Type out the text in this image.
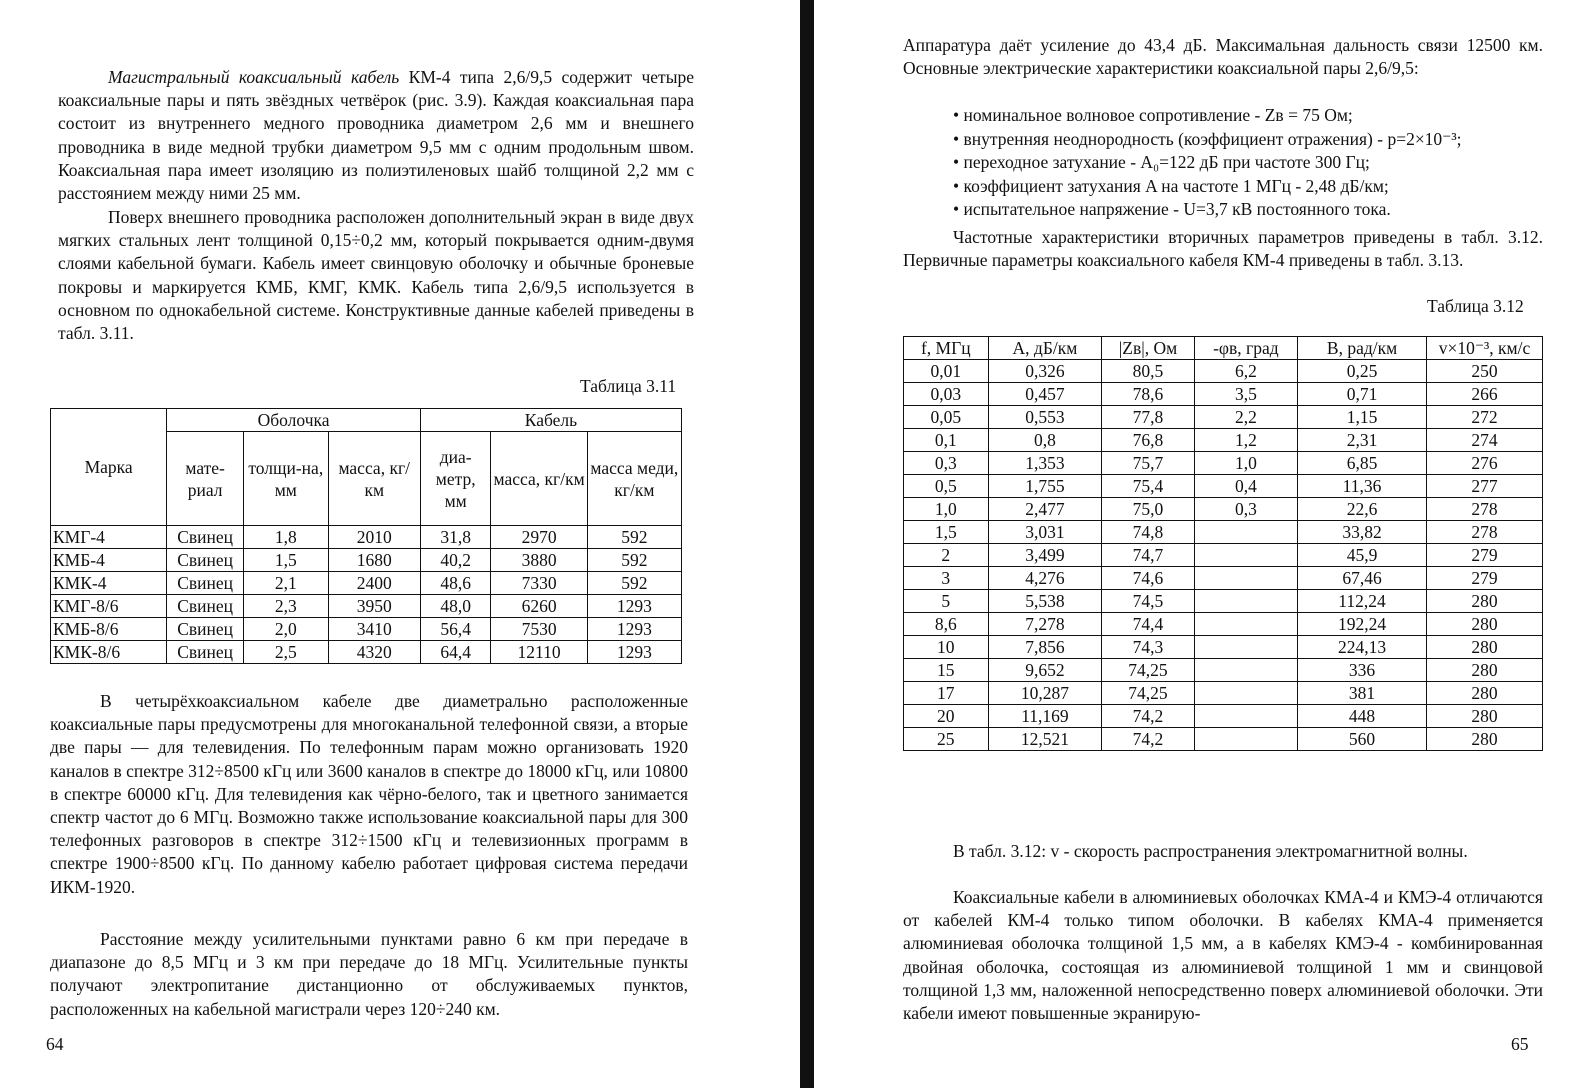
Магистральный коаксиальный кабель КМ-4 типа 2,6/9,5 содержит четыре коаксиальные пары и пять звёздных четвёрок (рис. 3.9). Каждая коаксиальная пара состоит из внутреннего медного проводника диаметром 2,6 мм и внешнего проводника в виде медной трубки диаметром 9,5 мм с одним продольным швом. Коаксиальная пара имеет изоляцию из полиэтиленовых шайб толщиной 2,2 мм с расстоянием между ними 25 мм.

Поверх внешнего проводника расположен дополнительный экран в виде двух мягких стальных лент толщиной 0,15÷0,2 мм, который покрывается одним-двумя слоями кабельной бумаги. Кабель имеет свинцовую оболочку и обычные броневые покровы и маркируется КМБ, КМГ, КМК. Кабель типа 2,6/9,5 используется в основном по однокабельной системе. Конструктивные данные кабелей приведены в табл. 3.11.

Таблица 3.11
Марка	Оболочка			Кабель		
	мате-риал	толщи-на, мм	масса, кг/км	диа-метр, мм	масса, кг/км	масса меди, кг/км
КМГ-4	Свинец	1,8	2010	31,8	2970	592
КМБ-4	Свинец	1,5	1680	40,2	3880	592
КМК-4	Свинец	2,1	2400	48,6	7330	592
КМГ-8/6	Свинец	2,3	3950	48,0	6260	1293
КМБ-8/6	Свинец	2,0	3410	56,4	7530	1293
КМК-8/6	Свинец	2,5	4320	64,4	12110	1293

В четырёхкоаксиальном кабеле две диаметрально расположенные коаксиальные пары предусмотрены для многоканальной телефонной связи, а вторые две пары — для телевидения. По телефонным парам можно организовать 1920 каналов в спектре 312÷8500 кГц или 3600 каналов в спектре до 18000 кГц, или 10800 в спектре 60000 кГц. Для телевидения как чёрно-белого, так и цветного занимается спектр частот до 6 МГц. Возможно также использование коаксиальной пары для 300 телефонных разговоров в спектре 312÷1500 кГц и телевизионных программ в спектре 1900÷8500 кГц. По данному кабелю работает цифровая система передачи ИКМ-1920.

Расстояние между усилительными пунктами равно 6 км при передаче в диапазоне до 8,5 МГц и 3 км при передаче до 18 МГц. Усилительные пункты получают электропитание дистанционно от обслуживаемых пунктов, расположенных на кабельной магистрали через 120÷240 км.

64

Аппаратура даёт усиление до 43,4 дБ. Максимальная дальность связи 12500 км. Основные электрические характеристики коаксиальной пары 2,6/9,5:

• номинальное волновое сопротивление - Zв = 75 Ом;
• внутренняя неоднородность (коэффициент отражения) - p=2×10⁻³;
• переходное затухание - A₀=122 дБ при частоте 300 Гц;
• коэффициент затухания A на частоте 1 МГц - 2,48 дБ/км;
• испытательное напряжение - U=3,7 кВ постоянного тока.

Частотные характеристики вторичных параметров приведены в табл. 3.12. Первичные параметры коаксиального кабеля КМ-4 приведены в табл. 3.13.

Таблица 3.12
f, МГц	A, дБ/км	|Zв|, Ом	-φв, град	B, рад/км	v×10⁻³, км/с
0,01	0,326	80,5	6,2	0,25	250
0,03	0,457	78,6	3,5	0,71	266
0,05	0,553	77,8	2,2	1,15	272
0,1	0,8	76,8	1,2	2,31	274
0,3	1,353	75,7	1,0	6,85	276
0,5	1,755	75,4	0,4	11,36	277
1,0	2,477	75,0	0,3	22,6	278
1,5	3,031	74,8		33,82	278
2	3,499	74,7		45,9	279
3	4,276	74,6		67,46	279
5	5,538	74,5		112,24	280
8,6	7,278	74,4		192,24	280
10	7,856	74,3		224,13	280
15	9,652	74,25		336	280
17	10,287	74,25		381	280
20	11,169	74,2		448	280
25	12,521	74,2		560	280

В табл. 3.12: v - скорость распространения электромагнитной волны.

Коаксиальные кабели в алюминиевых оболочках КМА-4 и КМЭ-4 отличаются от кабелей КМ-4 только типом оболочки. В кабелях КМА-4 применяется алюминиевая оболочка толщиной 1,5 мм, а в кабелях КМЭ-4 - комбинированная двойная оболочка, состоящая из алюминиевой толщиной 1 мм и свинцовой толщиной 1,3 мм, наложенной непосредственно поверх алюминиевой оболочки. Эти кабели имеют повышенные экранирую-

65
